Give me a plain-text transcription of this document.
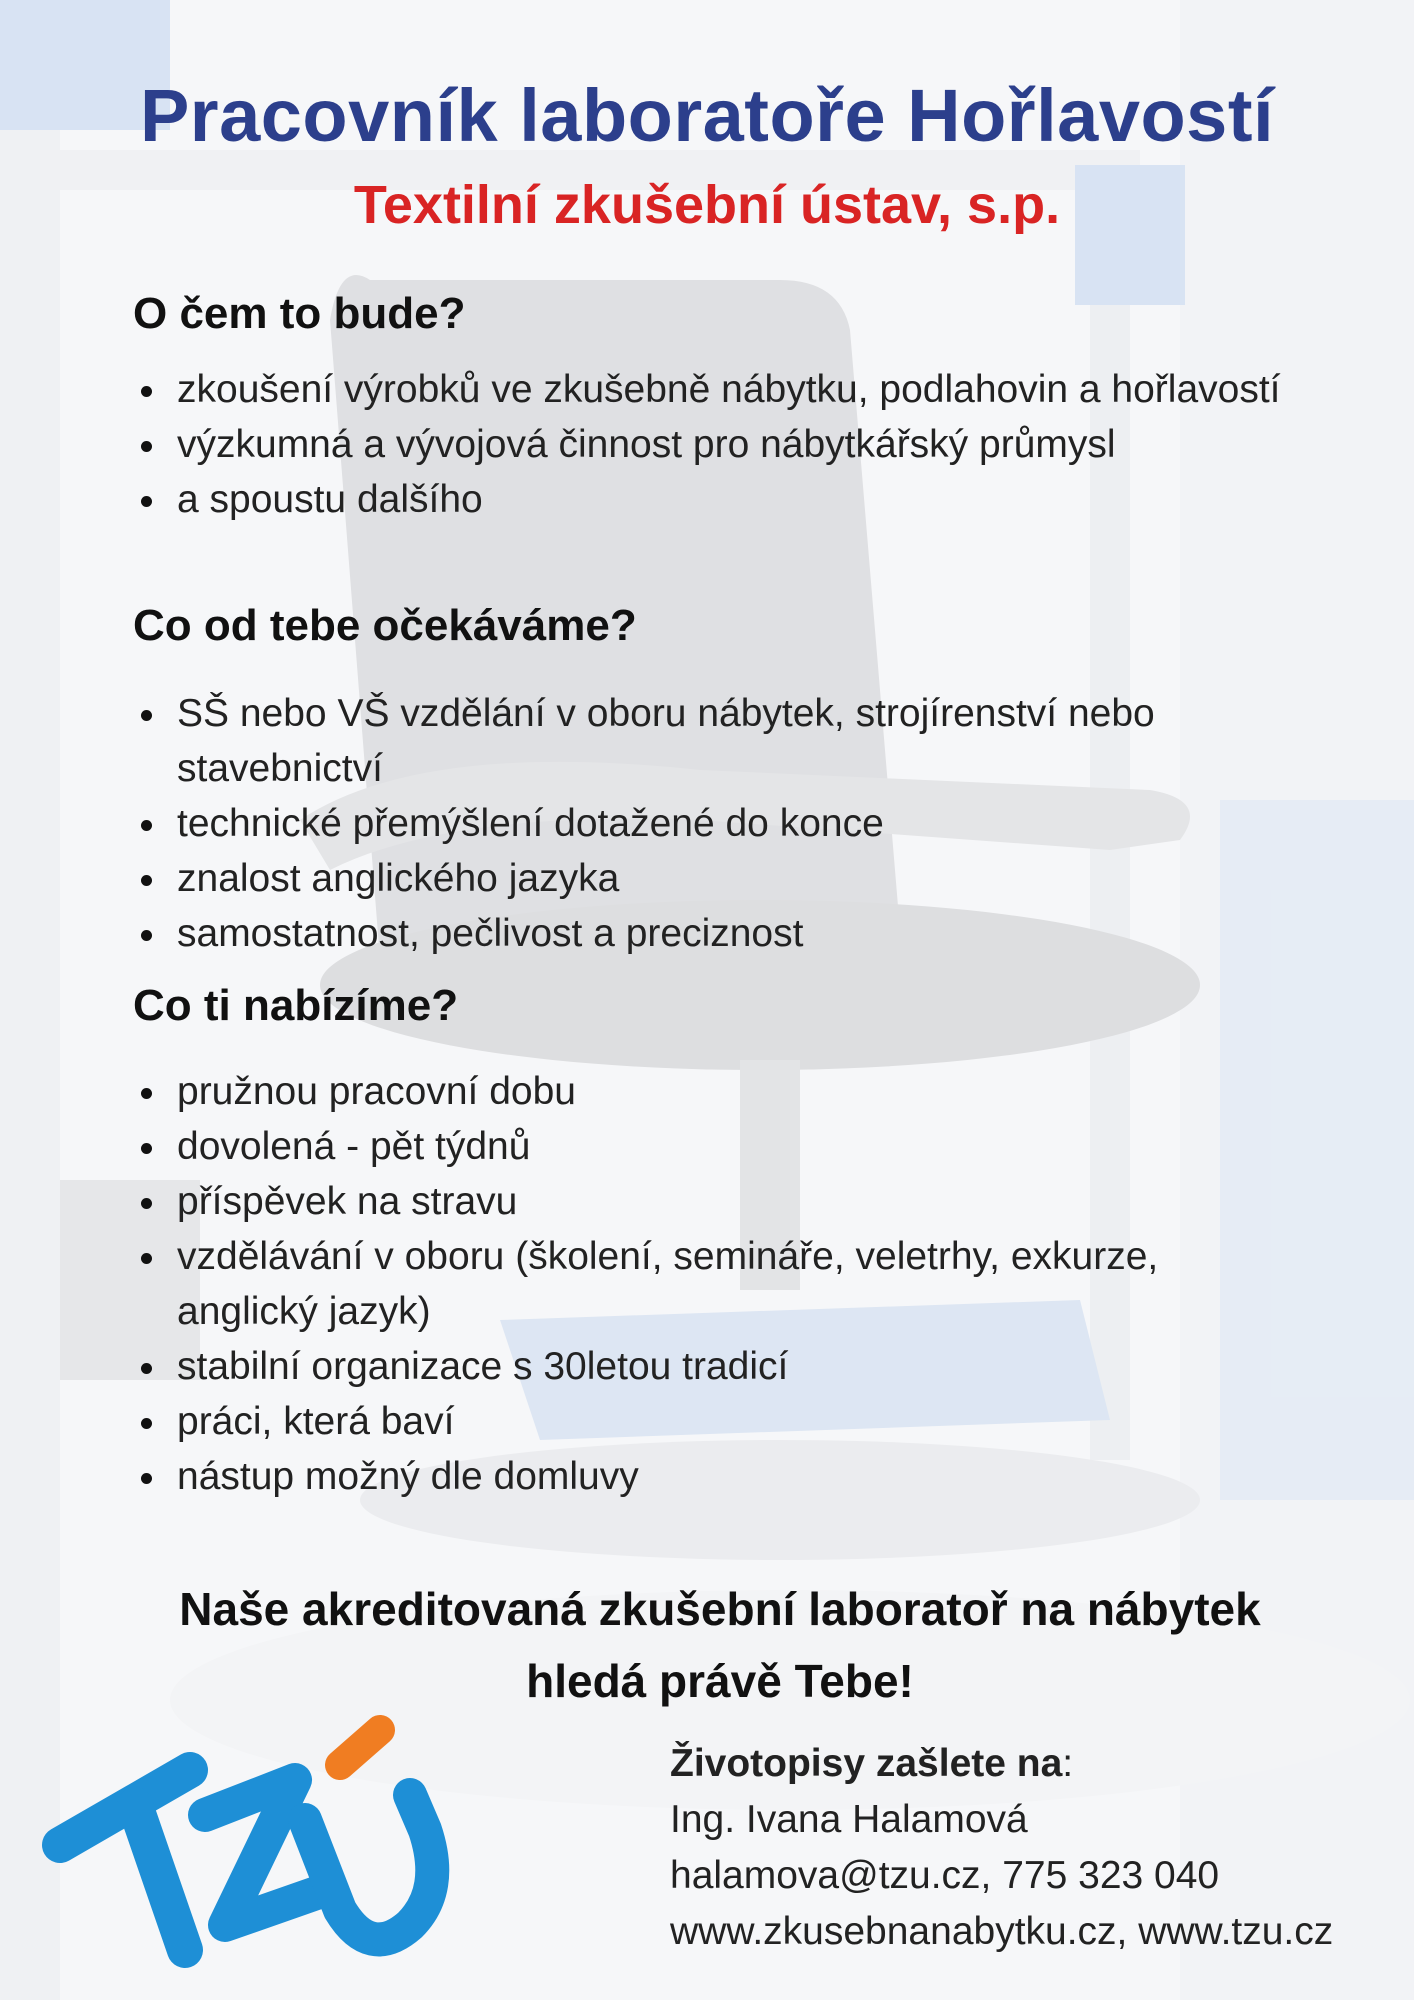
Pracovník laboratoře Hořlavostí
Textilní zkušební ústav, s.p.
O čem to bude?
zkoušení výrobků ve zkušebně nábytku, podlahovin a hořlavostí
výzkumná a vývojová činnost pro nábytkářský průmysl
a spoustu dalšího
Co od tebe očekáváme?
SŠ nebo VŠ vzdělání v oboru nábytek, strojírenství nebo stavebnictví
technické přemýšlení dotažené do konce
znalost anglického jazyka
samostatnost, pečlivost a preciznost
Co ti nabízíme?
pružnou pracovní dobu
dovolená - pět týdnů
příspěvek na stravu
vzdělávání v oboru (školení, semináře, veletrhy, exkurze, anglický jazyk)
stabilní organizace s 30letou tradicí
práci, která baví
nástup možný dle domluvy
Naše akreditovaná zkušební laboratoř na nábytek
hledá právě Tebe!
Životopisy zašlete na:
Ing. Ivana Halamová
halamova@tzu.cz, 775 323 040
www.zkusebnanabytku.cz, www.tzu.cz
